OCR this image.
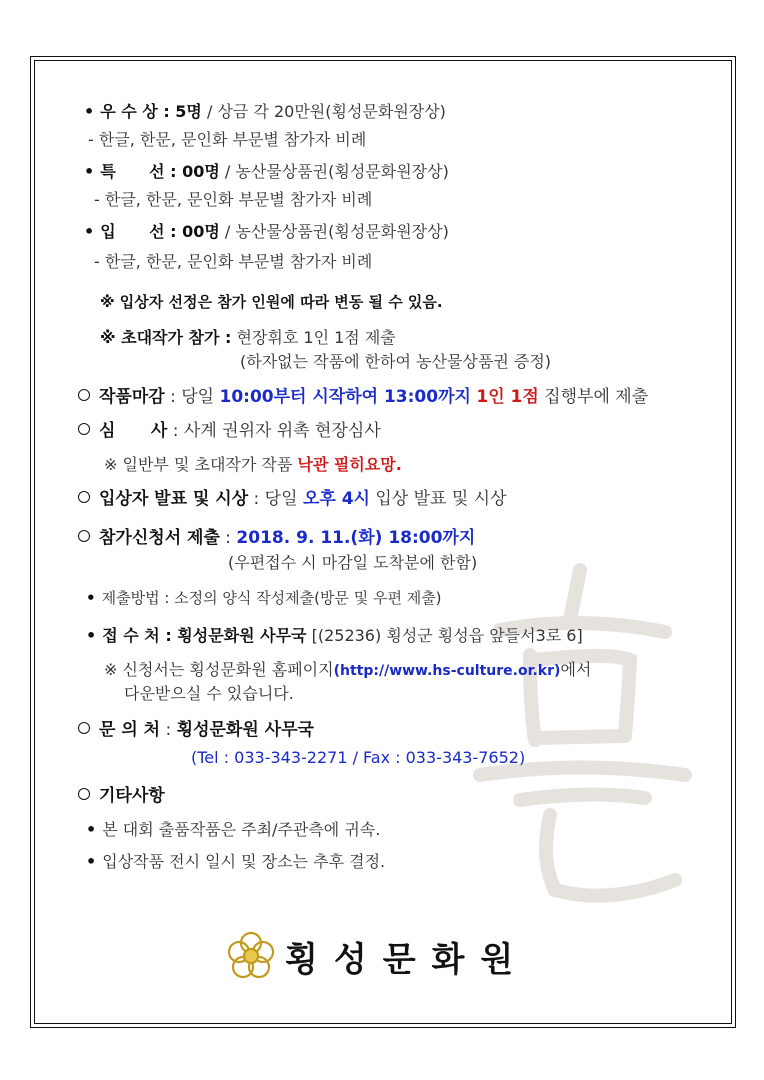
• 우 수 상 : 5명 / 상금 각 20만원(횡성문화원장상)
- 한글, 한문, 문인화 부문별 참가자 비례
• 특      선 : 00명 / 농산물상품권(횡성문화원장상)
- 한글, 한문, 문인화 부문별 참가자 비례
• 입      선 : 00명 / 농산물상품권(횡성문화원장상)
- 한글, 한문, 문인화 부문별 참가자 비례
※ 입상자 선정은 참가 인원에 따라 변동 될 수 있음.
※ 초대작가 참가 : 현장휘호 1인 1점 제출
(하자없는 작품에 한하여 농산물상품권 증정)
작품마감 : 당일 10:00부터 시작하여 13:00까지 1인 1점 집행부에 제출
심      사 : 사계 권위자 위촉 현장심사
※ 일반부 및 초대작가 작품 낙관 필히요망.
입상자 발표 및 시상 : 당일 오후 4시 입상 발표 및 시상
참가신청서 제출 : 2018. 9. 11.(화) 18:00까지
(우편접수 시 마감일 도착분에 한함)
• 제출방법 : 소정의 양식 작성제출(방문 및 우편 제출)
• 접 수 처 : 횡성문화원 사무국 [(25236) 횡성군 횡성읍 앞들서3로 6]
※ 신청서는 횡성문화원 홈페이지(http://www.hs-culture.or.kr)에서
다운받으실 수 있습니다.
문 의 처 : 횡성문화원 사무국
(Tel : 033-343-2271 / Fax : 033-343-7652)
기타사항
• 본 대회 출품작품은 주최/주관측에 귀속.
• 입상작품 전시 일시 및 장소는 추후 결정.
횡성문화원
